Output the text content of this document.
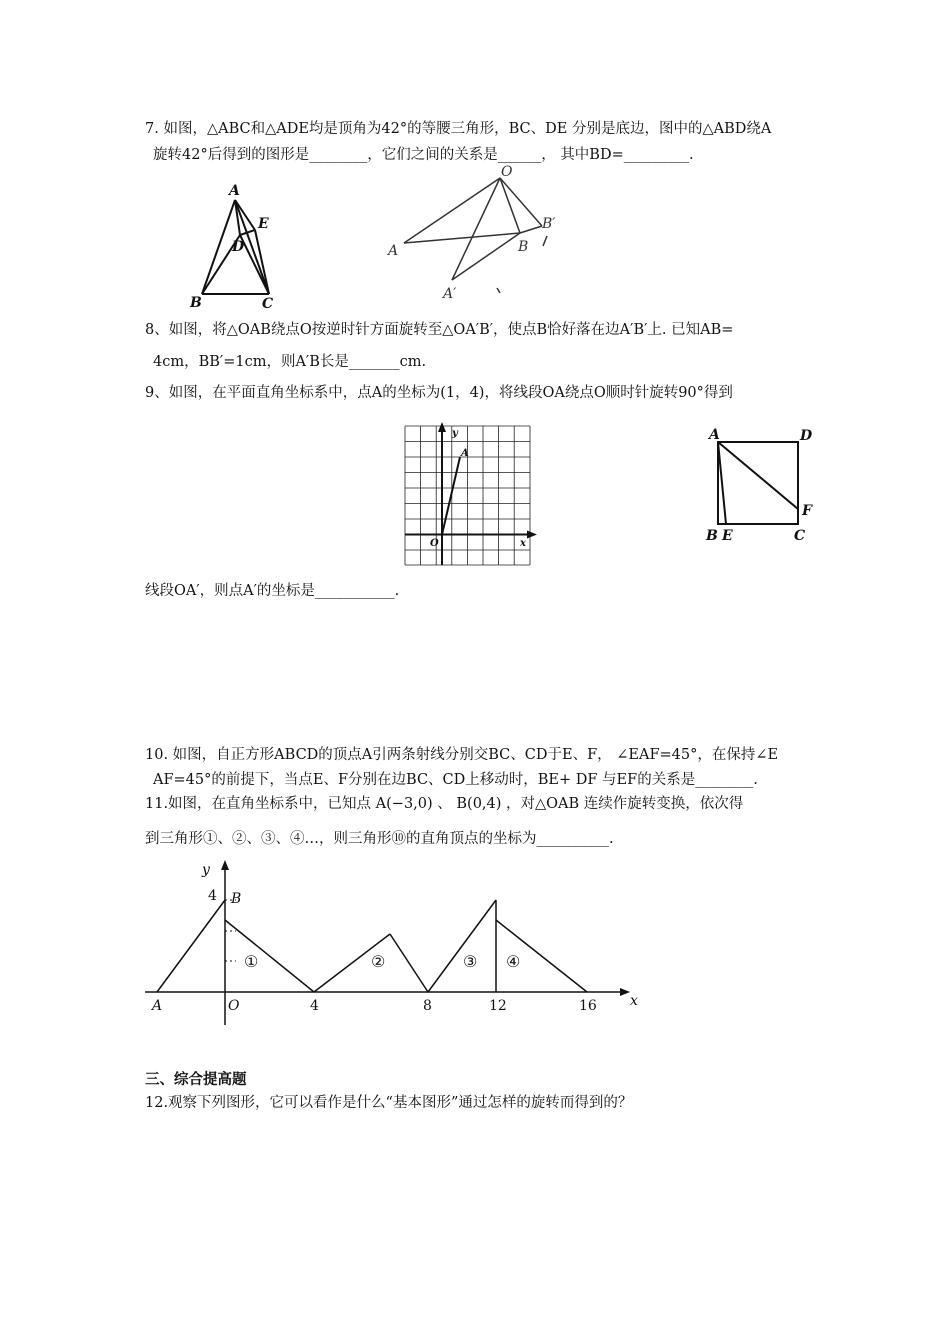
7. 如图，△ABC和△ADE均是顶角为42°的等腰三角形，BC、DE 分别是底边，图中的△ABD绕A
旋转42°后得到的图形是________，它们之间的关系是______， 其中BD=_________.
A
E
D
B	C
O
B′
A	B
A′
8、如图，将△OAB绕点O按逆时针方面旋转至△OA′B′，使点B恰好落在边A′B′上. 已知AB=
4cm，BB′=1cm，则A′B长是_______cm.
9、如图，在平面直角坐标系中，点A的坐标为(1，4)，将线段OA绕点O顺时针旋转90°得到
y
A
O	x
A	D
F
B E	C
线段OA′，则点A′的坐标是___________.
10. 如图，自正方形ABCD的顶点A引两条射线分别交BC、CD于E、F， ∠EAF=45°，在保持∠E
AF=45°的前提下，当点E、F分别在边BC、CD上移动时，BE+ DF 与EF的关系是________.
11.如图，在直角坐标系中，已知点 A(−3,0) 、 B(0,4) ，对△OAB 连续作旋转变换，依次得
到三角形①、②、③、④…，则三角形⑩的直角顶点的坐标为__________.
y
x
4 B
A	O	4	8	12	16
①	②	③ ④
三、综合提高题
12.观察下列图形，它可以看作是什么“基本图形”通过怎样的旋转而得到的？
